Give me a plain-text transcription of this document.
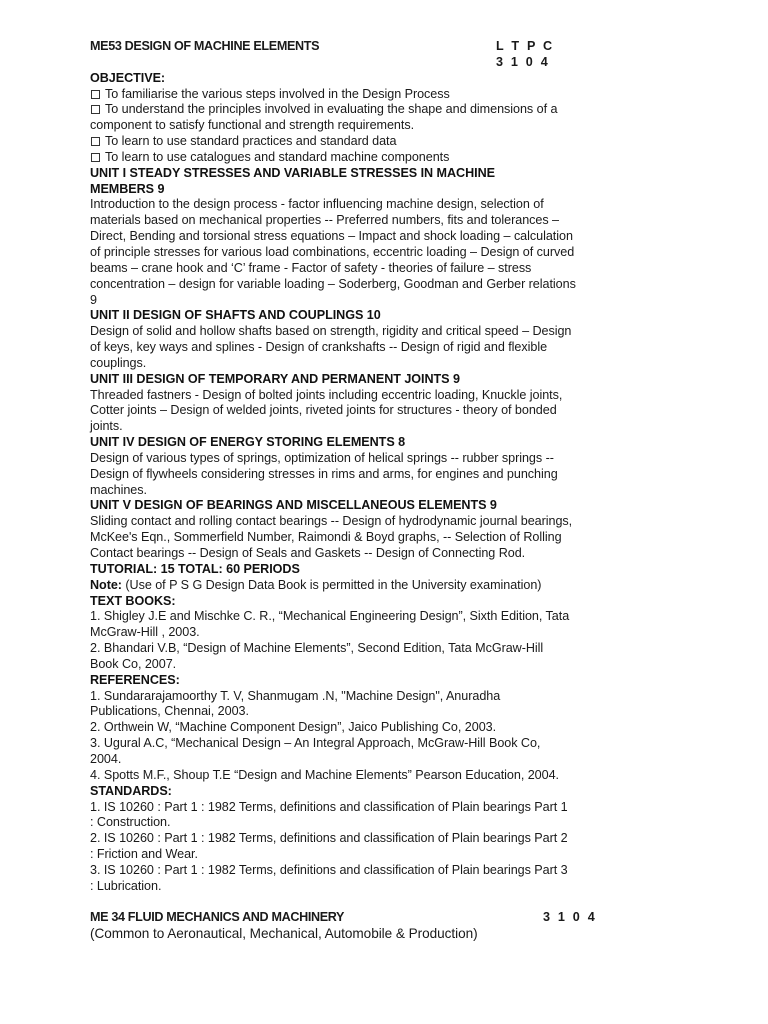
ME53 DESIGN OF MACHINE ELEMENTS	L T P C

3 1 0 4
OBJECTIVE:
To familiarise the various steps involved in the Design Process
To understand the principles involved in evaluating the shape and dimensions of a
component to satisfy functional and strength requirements.
To learn to use standard practices and standard data
To learn to use catalogues and standard machine components
UNIT I STEADY STRESSES AND VARIABLE STRESSES IN MACHINE
MEMBERS 9
Introduction to the design process - factor influencing machine design, selection of
materials based on mechanical properties -- Preferred numbers, fits and tolerances –
Direct, Bending and torsional stress equations – Impact and shock loading – calculation
of principle stresses for various load combinations, eccentric loading – Design of curved
beams – crane hook and ‘C’ frame - Factor of safety - theories of failure – stress
concentration – design for variable loading – Soderberg, Goodman and Gerber relations
9
UNIT II DESIGN OF SHAFTS AND COUPLINGS 10
Design of solid and hollow shafts based on strength, rigidity and critical speed – Design
of keys, key ways and splines - Design of crankshafts -- Design of rigid and flexible
couplings.
UNIT III DESIGN OF TEMPORARY AND PERMANENT JOINTS 9
Threaded fastners - Design of bolted joints including eccentric loading, Knuckle joints,
Cotter joints – Design of welded joints, riveted joints for structures - theory of bonded
joints.
UNIT IV DESIGN OF ENERGY STORING ELEMENTS 8
Design of various types of springs, optimization of helical springs -- rubber springs --
Design of flywheels considering stresses in rims and arms, for engines and punching
machines.
UNIT V DESIGN OF BEARINGS AND MISCELLANEOUS ELEMENTS 9
Sliding contact and rolling contact bearings -- Design of hydrodynamic journal bearings,
McKee's Eqn., Sommerfield Number, Raimondi & Boyd graphs, -- Selection of Rolling
Contact bearings -- Design of Seals and Gaskets -- Design of Connecting Rod.
TUTORIAL: 15 TOTAL: 60 PERIODS
Note: (Use of P S G Design Data Book is permitted in the University examination)
TEXT BOOKS:
1. Shigley J.E and Mischke C. R., “Mechanical Engineering Design”, Sixth Edition, Tata
McGraw-Hill , 2003.
2. Bhandari V.B, “Design of Machine Elements”, Second Edition, Tata McGraw-Hill
Book Co, 2007.
REFERENCES:
1. Sundararajamoorthy T. V, Shanmugam .N, "Machine Design", Anuradha
Publications, Chennai, 2003.
2. Orthwein W, “Machine Component Design”, Jaico Publishing Co, 2003.
3. Ugural A.C, “Mechanical Design – An Integral Approach, McGraw-Hill Book Co,
2004.
4. Spotts M.F., Shoup T.E “Design and Machine Elements” Pearson Education, 2004.
STANDARDS:
1. IS 10260 : Part 1 : 1982 Terms, definitions and classification of Plain bearings Part 1
: Construction.
2. IS 10260 : Part 1 : 1982 Terms, definitions and classification of Plain bearings Part 2
: Friction and Wear.
3. IS 10260 : Part 1 : 1982 Terms, definitions and classification of Plain bearings Part 3
: Lubrication.
ME 34 FLUID MECHANICS AND MACHINERY	3 1 0 4
(Common to Aeronautical, Mechanical, Automobile & Production)
